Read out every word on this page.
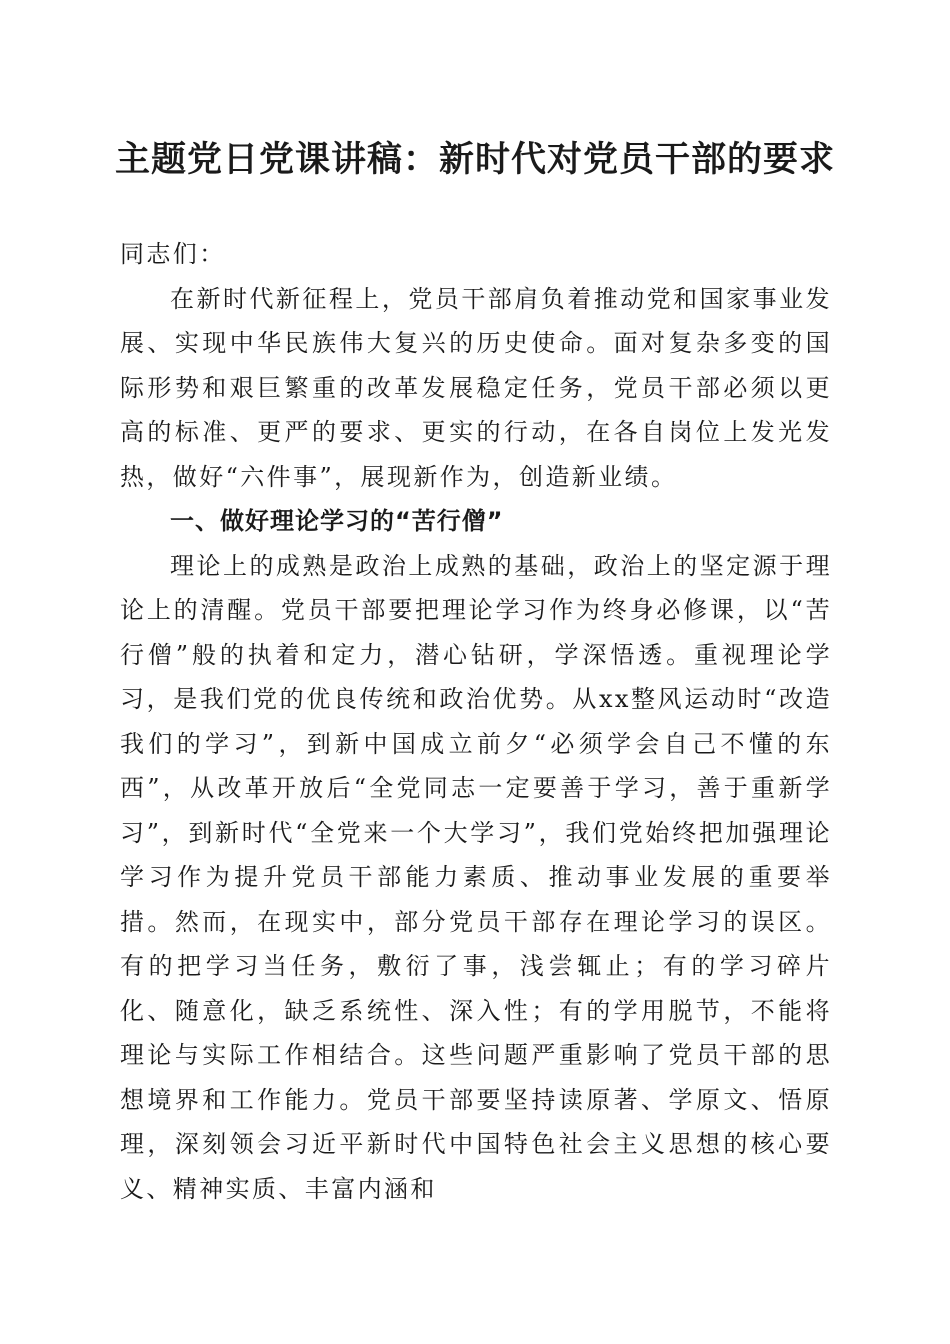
主题党日党课讲稿：新时代对党员干部的要求

同志们：

在新时代新征程上，党员干部肩负着推动党和国家事业发展、实现中华民族伟大复兴的历史使命。面对复杂多变的国际形势和艰巨繁重的改革发展稳定任务，党员干部必须以更高的标准、更严的要求、更实的行动，在各自岗位上发光发热，做好“六件事”，展现新作为，创造新业绩。

一、做好理论学习的“苦行僧”

理论上的成熟是政治上成熟的基础，政治上的坚定源于理论上的清醒。党员干部要把理论学习作为终身必修课，以“苦行僧”般的执着和定力，潜心钻研，学深悟透。重视理论学习，是我们党的优良传统和政治优势。从xx整风运动时“改造我们的学习”，到新中国成立前夕“必须学会自己不懂的东西”，从改革开放后“全党同志一定要善于学习，善于重新学习”，到新时代“全党来一个大学习”，我们党始终把加强理论学习作为提升党员干部能力素质、推动事业发展的重要举措。然而，在现实中，部分党员干部存在理论学习的误区。有的把学习当任务，敷衍了事，浅尝辄止；有的学习碎片化、随意化，缺乏系统性、深入性；有的学用脱节，不能将理论与实际工作相结合。这些问题严重影响了党员干部的思想境界和工作能力。党员干部要坚持读原著、学原文、悟原理，深刻领会习近平新时代中国特色社会主义思想的核心要义、精神实质、丰富内涵和
